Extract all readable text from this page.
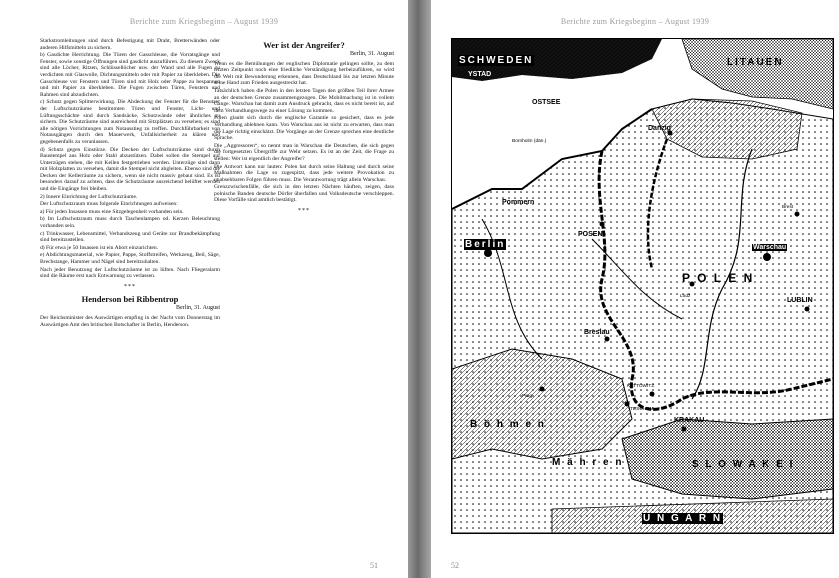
Berichte zum Kriegsbeginn – August 1939

Starkstromleitungen sind durch Befestigung mit Draht, Bretterwänden oder anderen Hilfsmitteln zu sichern.

b) Gasdichte Herrichtung. Die Türen der Gasschleuse, die Vorratsgänge und Fenster, sowie sonstige Öffnungen sind gasdicht auszuführen. Zu diesem Zweck sind alle Löcher, Ritzen, Schlüssellöcher usw. der Wand und alle Fugen zu verdichten mit Glaswolle, Dichtungsmitteln oder mit Papier zu überkleben. Die Gasschleuse vor Fenstern und Türen sind mit Holz oder Pappe zu bespannen und mit Papier zu überkleben. Die Fugen zwischen Türen, Fenstern und Rahmen sind abzudichten.

c) Schutz gegen Splitterwirkung. Die Abdeckung der Fenster für die Benutzer der Luftschutzräume bestimmten Türen und Fenster, Licht- und Lüftungsschächte sind durch Sandsäcke, Schutzwände oder ähnliches zu sichern. Die Schutzräume sind ausreichend mit Sitzplätzen zu versehen; es sind alle nötigen Vorrichtungen zum Notausstieg zu treffen. Durchführbarkeit von Notausgängen durch den Mauerwerk, Unfallsicherheit zu klären und gegebenenfalls zu veranlassen.

d) Schutz gegen Einstürze. Die Decken der Luftschutzräume sind durch Baustempel aus Holz oder Stahl abzustützen. Dabei sollen die Stempel auf Unterzügen stehen, die mit Keilen festgetrieben werden. Unterzüge sind dann mit Holzplatten zu versehen, damit die Stempel nicht abgleiten. Ebenso sind die Decken der Kellerräume zu sichern, wenn sie nicht massiv gebaut sind. Es ist besonders darauf zu achten, dass die Schutzräume ausreichend belüftet werden und die Eingänge frei bleiben.

2) Innere Einrichtung der Luftschutzräume.

Der Luftschutzraum muss folgende Einrichtungen aufweisen:

a) Für jeden Insassen muss eine Sitzgelegenheit vorhanden sein.

b) Im Luftschutzraum muss durch Taschenlampen od. Kerzen Beleuchtung vorhanden sein.

c) Trinkwasser, Lebensmittel, Verbandszeug und Geräte zur Brandbekämpfung sind bereitzustellen.

d) Für etwa je 50 Insassen ist ein Abort einzurichten.

e) Abdichtungsmaterial, wie Papier, Pappe, Stoffstreifen, Werkzeug, Beil, Säge, Brechstange, Hammer und Nägel sind bereitzuhalten.

Nach jeder Benutzung der Luftschutzräume ist zu lüften. Nach Fliegeralarm sind die Räume erst nach Entwarnung zu verlassen.

***
Henderson bei Ribbentrop
Berlin, 31. August

Der Reichsminister des Auswärtigen empfing in der Nacht vom Donnerstag im Auswärtigen Amt den britischen Botschafter in Berlin, Henderson.

Wer ist der Angreifer?
Berlin, 31. August

Wenn es die Bemühungen der englischen Diplomatie gelingen sollte, zu dem letzten Zeitpunkt noch eine friedliche Verständigung herbeizuführen, so wird die Welt mit Bewunderung erkennen, dass Deutschland bis zur letzten Minute seine Hand zum Frieden ausgestreckt hat.

Tatsächlich haben die Polen in den letzten Tagen den größten Teil ihrer Armee an der deutschen Grenze zusammengezogen. Die Mobilmachung ist in vollem Gange. Warschau hat damit zum Ausdruck gebracht, dass es nicht bereit ist, auf dem Verhandlungswege zu einer Lösung zu kommen.

Polen glaubt sich durch die englische Garantie so gesichert, dass es jede Verhandlung ablehnen kann. Von Warschau aus ist nicht zu erwarten, dass man die Lage richtig einschätzt. Die Vorgänge an der Grenze sprechen eine deutliche Sprache.

Die „Aggressoren“, so nennt man in Warschau die Deutschen, die sich gegen die fortgesetzten Übergriffe zur Wehr setzen. Es ist an der Zeit, die Frage zu stellen: Wer ist eigentlich der Angreifer?

Die Antwort kann nur lauten: Polen hat durch seine Haltung und durch seine Maßnahmen die Lage so zugespitzt, dass jede weitere Provokation zu unabsehbaren Folgen führen muss. Die Verantwortung trägt allein Warschau.

Grenzzwischenfälle, die sich in den letzten Nächten häuften, zeigen, dass polnische Banden deutsche Dörfer überfallen und Volksdeutsche verschleppen. Diese Vorfälle sind amtlich bestätigt.

***
51
Berichte zum Kriegsbeginn – August 1939
SCHWEDEN
YSTAD
LITAUEN
OSTSEE
Bornholm (dän.)
Danzig
Pommern
Berlin
POSEN
Warschau
Brest
P O L E N
Lodz
LUBLIN
Breslau
KATTOWITZ
TESCHEN
KRAKAU
Prag
B ö h m e n
M ä h r e n	S L O W A K E I
U N G A R N
52
